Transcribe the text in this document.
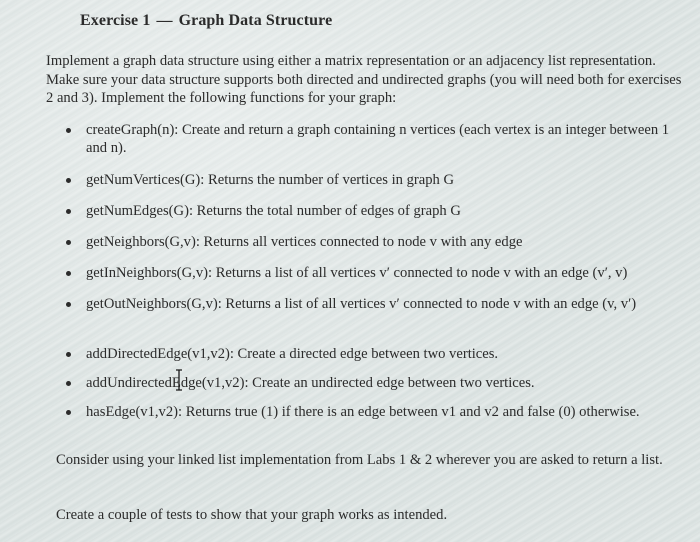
Exercise 1 — Graph Data Structure
Implement a graph data structure using either a matrix representation or an adjacency list representation. Make sure your data structure supports both directed and undirected graphs (you will need both for exercises 2 and 3). Implement the following functions for your graph:
createGraph(n): Create and return a graph containing n vertices (each vertex is an integer between 1 and n).
getNumVertices(G): Returns the number of vertices in graph G
getNumEdges(G): Returns the total number of edges of graph G
getNeighbors(G,v): Returns all vertices connected to node v with any edge
getInNeighbors(G,v): Returns a list of all vertices v′ connected to node v with an edge (v′, v)
getOutNeighbors(G,v): Returns a list of all vertices v′ connected to node v with an edge (v, v′)
addDirectedEdge(v1,v2): Create a directed edge between two vertices.
addUndirectedEdge(v1,v2): Create an undirected edge between two vertices.
hasEdge(v1,v2): Returns true (1) if there is an edge between v1 and v2 and false (0) otherwise.
Consider using your linked list implementation from Labs 1 & 2 wherever you are asked to return a list.
Create a couple of tests to show that your graph works as intended.
